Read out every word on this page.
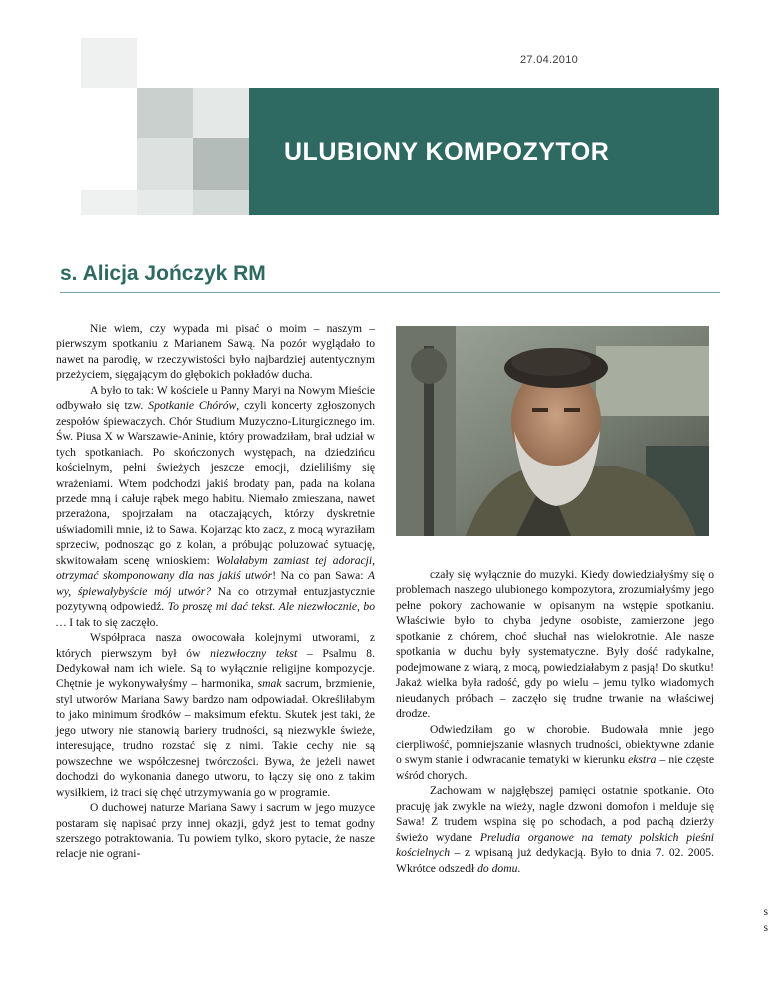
27.04.2010
ULUBIONY KOMPOZYTOR
s. Alicja Jończyk RM

Nie wiem, czy wypada mi pisać o moim – naszym – pierwszym spotkaniu z Marianem Sawą. Na pozór wyglądało to nawet na parodię, w rzeczywistości było najbardziej autentycznym przeżyciem, sięgającym do głębokich pokładów ducha.

A było to tak: W kościele u Panny Maryi na Nowym Mieście odbywało się tzw. Spotkanie Chórów, czyli koncerty zgłoszonych zespołów śpiewaczych. Chór Studium Muzyczno-Liturgicznego im. Św. Piusa X w Warszawie-Aninie, który prowadziłam, brał udział w tych spotkaniach. Po skończonych występach, na dziedzińcu kościelnym, pełni świeżych jeszcze emocji, dzieliliśmy się wrażeniami. Wtem podchodzi jakiś brodaty pan, pada na kolana przede mną i całuje rąbek mego habitu. Niemało zmieszana, nawet przerażona, spojrzałam na otaczających, którzy dyskretnie uświadomili mnie, iż to Sawa. Kojarząc kto zacz, z mocą wyraziłam sprzeciw, podnosząc go z kolan, a próbując poluzować sytuację, skwitowałam scenę wnioskiem: Wolałabym zamiast tej adoracji, otrzymać skomponowany dla nas jakiś utwór! Na co pan Sawa: A wy, śpiewałybyście mój utwór? Na co otrzymał entuzjastycznie pozytywną odpowiedź. To proszę mi dać tekst. Ale niezwłocznie, bo … I tak to się zaczęło.

Współpraca nasza owocowała kolejnymi utworami, z których pierwszym był ów niezwłoczny tekst – Psalmu 8. Dedykował nam ich wiele. Są to wyłącznie religijne kompozycje. Chętnie je wykonywałyśmy – harmonika, smak sacrum, brzmienie, styl utworów Mariana Sawy bardzo nam odpowiadał. Określiłabym to jako minimum środków – maksimum efektu. Skutek jest taki, że jego utwory nie stanowią bariery trudności, są niezwykle świeże, interesujące, trudno rozstać się z nimi. Takie cechy nie są powszechne we współczesnej twórczości. Bywa, że jeżeli nawet dochodzi do wykonania danego utworu, to łączy się ono z takim wysiłkiem, iż traci się chęć utrzymywania go w programie.

O duchowej naturze Mariana Sawy i sacrum w jego muzyce postaram się napisać przy innej okazji, gdyż jest to temat godny szerszego potraktowania. Tu powiem tylko, skoro pytacie, że nasze relacje nie ograni-

czały się wyłącznie do muzyki. Kiedy dowiedziałyśmy się o problemach naszego ulubionego kompozytora, zrozumiałyśmy jego pełne pokory zachowanie w opisanym na wstępie spotkaniu. Właściwie było to chyba jedyne osobiste, zamierzone jego spotkanie z chórem, choć słuchał nas wielokrotnie. Ale nasze spotkania w duchu były systematyczne. Były dość radykalne, podejmowane z wiarą, z mocą, powiedziałabym z pasją! Do skutku! Jakaż wielka była radość, gdy po wielu – jemu tylko wiadomych nieudanych próbach – zaczęło się trudne trwanie na właściwej drodze.

Odwiedziłam go w chorobie. Budowała mnie jego cierpliwość, pomniejszanie własnych trudności, obiektywne zdanie o swym stanie i odwracanie tematyki w kierunku ekstra – nie częste wśród chorych.

Zachowam w najgłębszej pamięci ostatnie spotkanie. Oto pracuję jak zwykle na wieży, nagle dzwoni domofon i melduje się Sawa! Z trudem wspina się po schodach, a pod pachą dzierży świeżo wydane Preludia organowe na tematy polskich pieśni kościelnych – z wpisaną już dedykacją. Było to dnia 7. 02. 2005. Wkrótce odszedł do domu.

s
s
